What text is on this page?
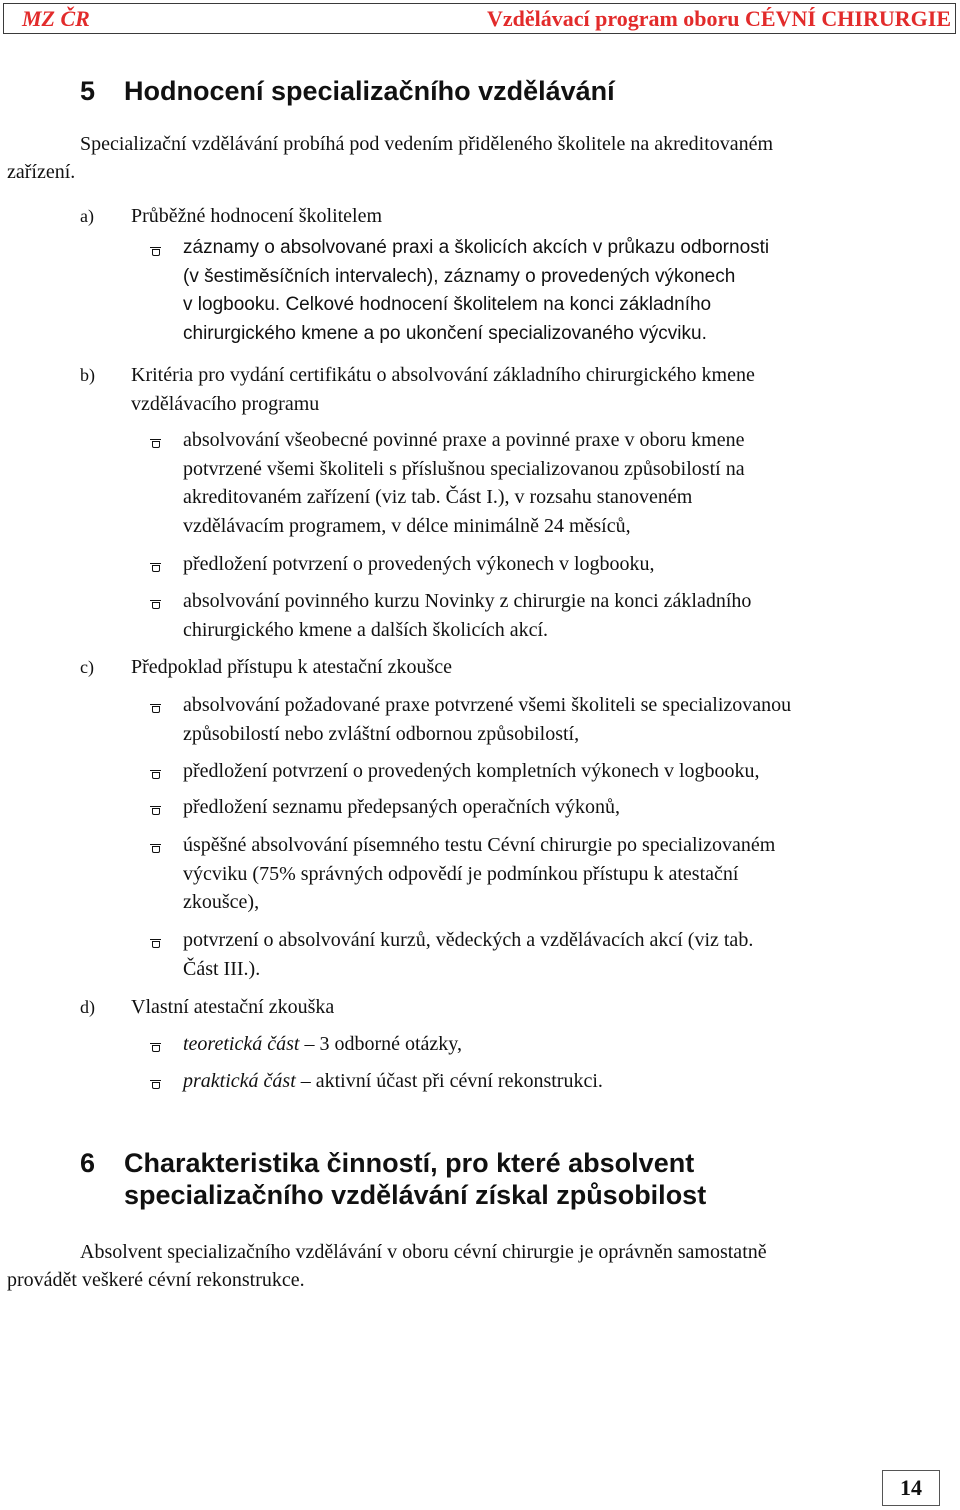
MZ ČR	Vzdělávací program oboru CÉVNÍ CHIRURGIE
5 Hodnocení specializačního vzdělávání
Specializační vzdělávání probíhá pod vedením přiděleného školitele na akreditovaném
zařízení.
a) Průběžné hodnocení školitelem
záznamy o absolvované praxi a školicích akcích v průkazu odbornosti
(v šestiměsíčních intervalech), záznamy o provedených výkonech
v logbooku. Celkové hodnocení školitelem na konci základního
chirurgického kmene a po ukončení specializovaného výcviku.
b) Kritéria pro vydání certifikátu o absolvování základního chirurgického kmene
vzdělávacího programu
absolvování všeobecné povinné praxe a povinné praxe v oboru kmene
potvrzené všemi školiteli s příslušnou specializovanou způsobilostí na
akreditovaném zařízení (viz tab. Část I.), v rozsahu stanoveném
vzdělávacím programem, v délce minimálně 24 měsíců,
předložení potvrzení o provedených výkonech v logbooku,
absolvování povinného kurzu Novinky z chirurgie na konci základního
chirurgického kmene a dalších školicích akcí.
c) Předpoklad přístupu k atestační zkoušce
absolvování požadované praxe potvrzené všemi školiteli se specializovanou
způsobilostí nebo zvláštní odbornou způsobilostí,
předložení potvrzení o provedených kompletních výkonech v logbooku,
předložení seznamu předepsaných operačních výkonů,
úspěšné absolvování písemného testu Cévní chirurgie po specializovaném
výcviku (75% správných odpovědí je podmínkou přístupu k atestační
zkoušce),
potvrzení o absolvování kurzů, vědeckých a vzdělávacích akcí (viz tab.
Část III.).
d) Vlastní atestační zkouška
teoretická část – 3 odborné otázky,
praktická část – aktivní účast při cévní rekonstrukci.
6 Charakteristika činností, pro které absolvent
specializačního vzdělávání získal způsobilost
Absolvent specializačního vzdělávání v oboru cévní chirurgie je oprávněn samostatně
provádět veškeré cévní rekonstrukce.
14
